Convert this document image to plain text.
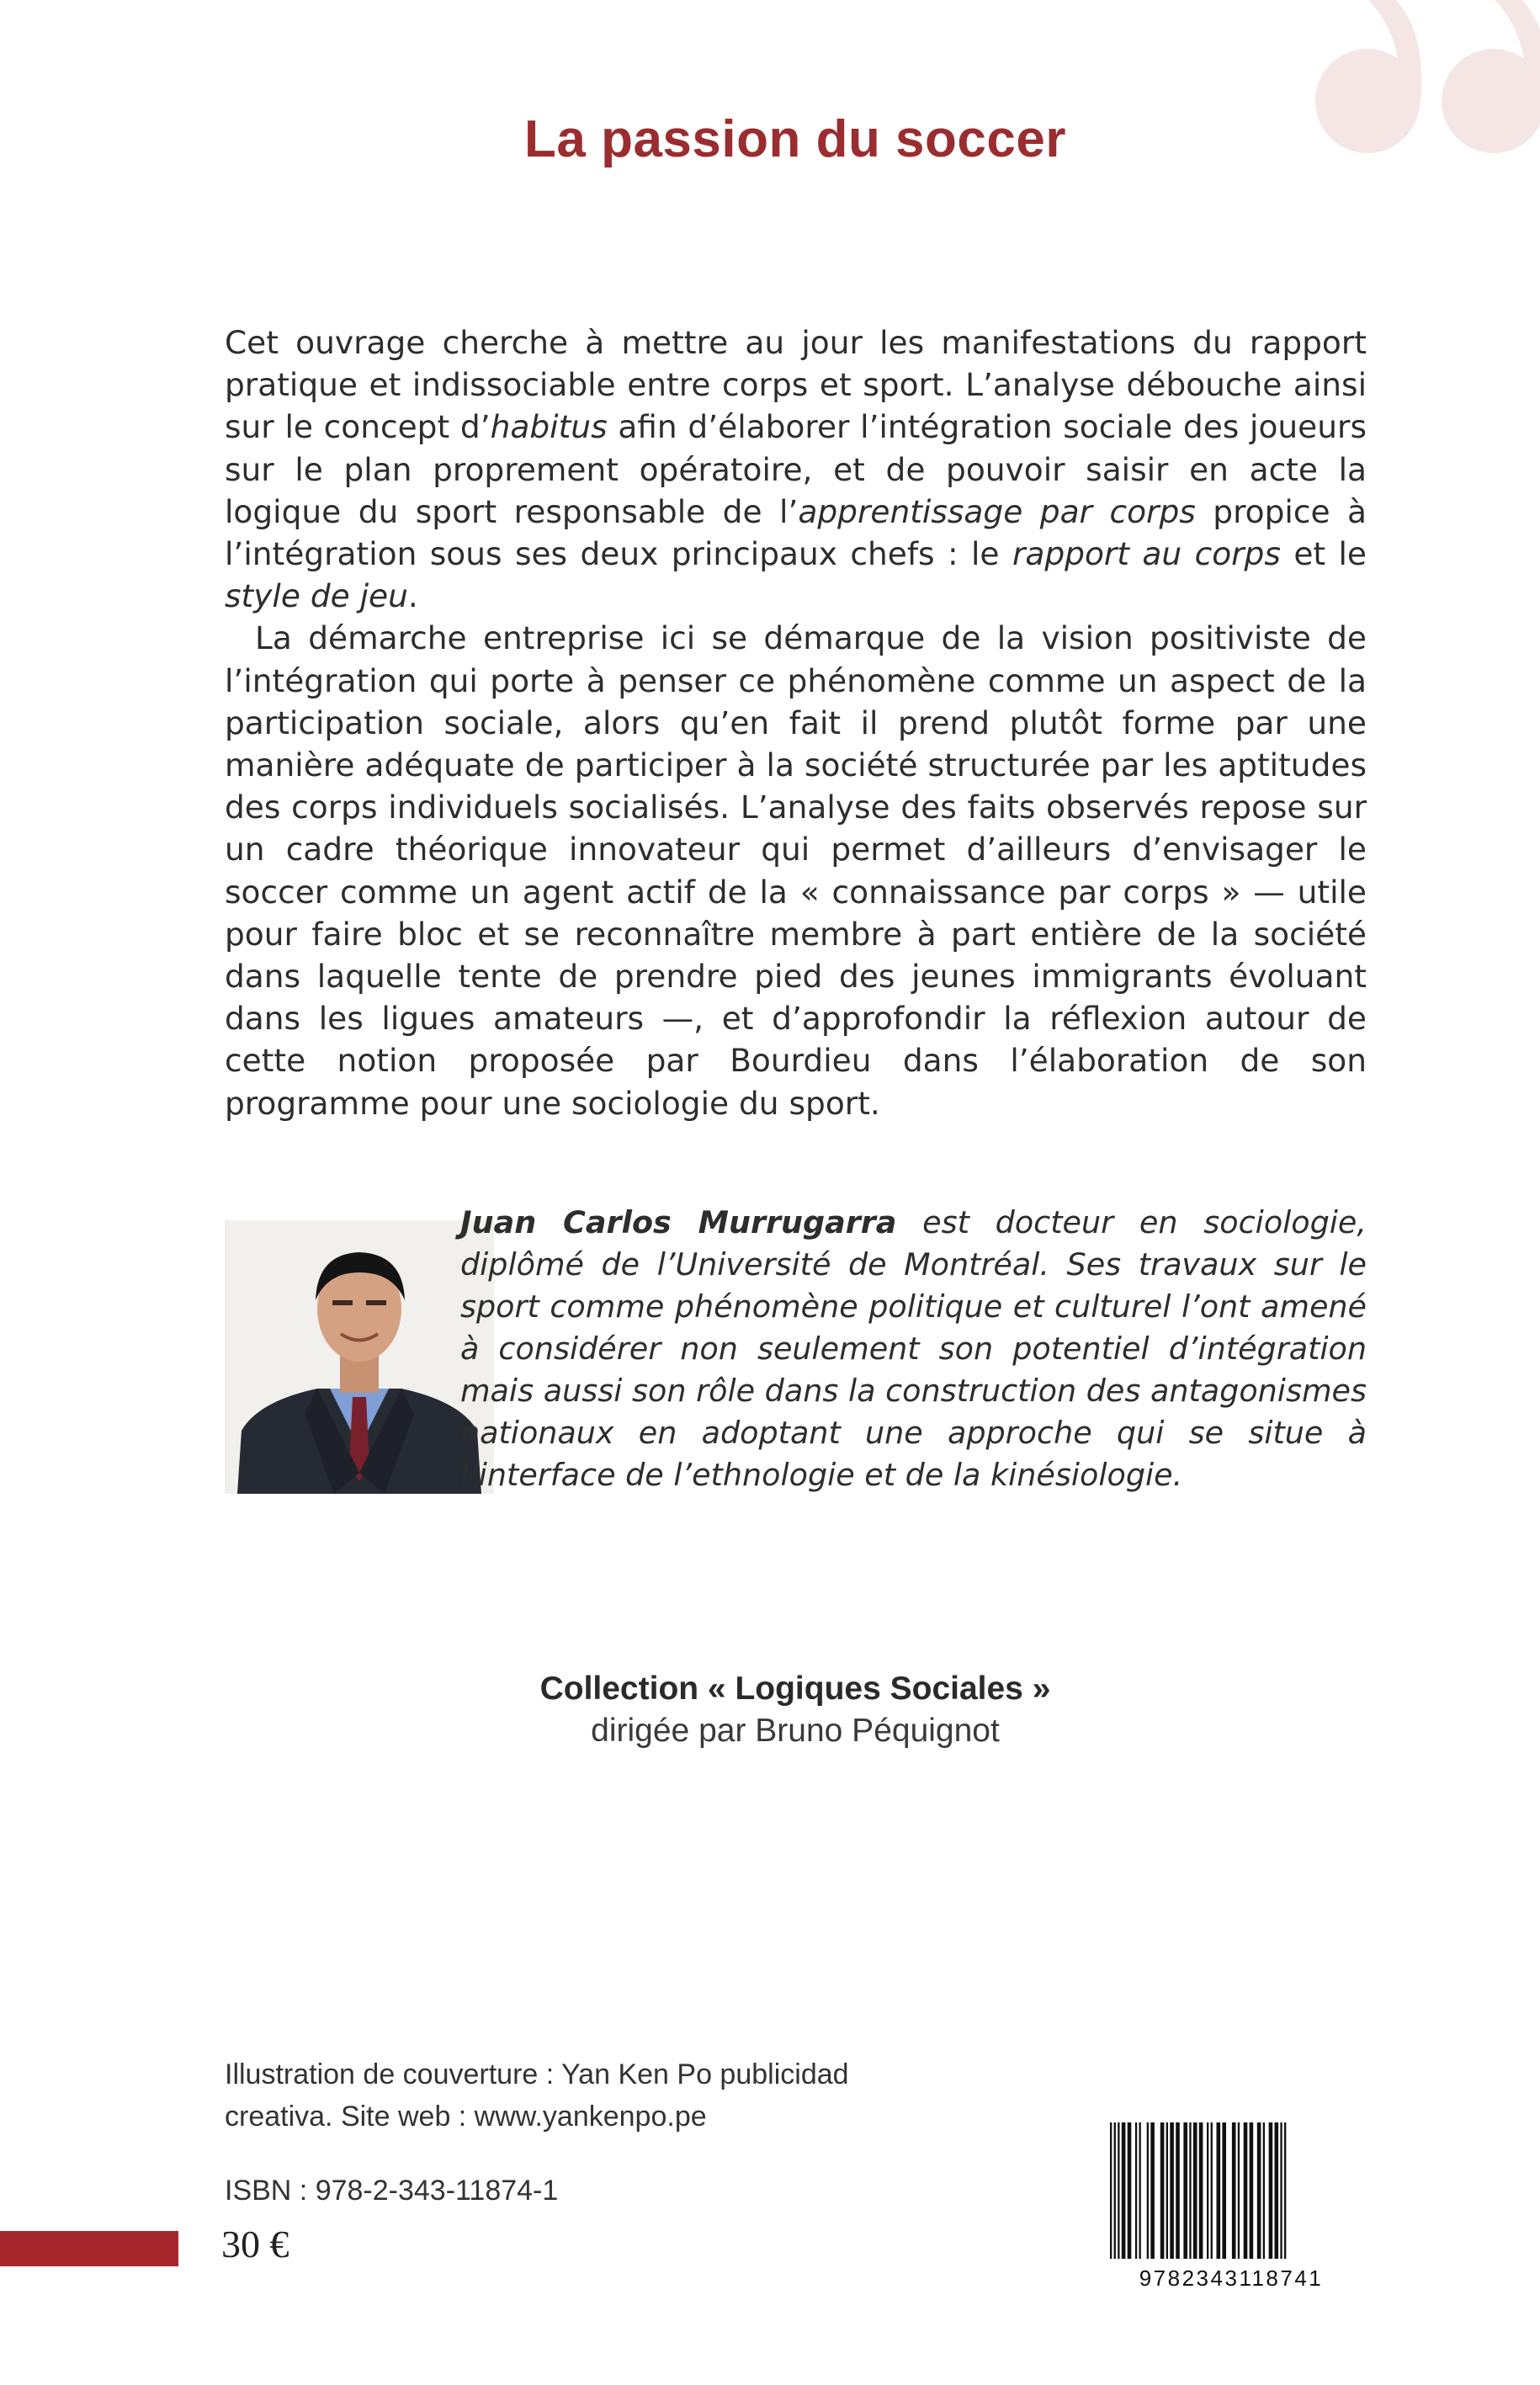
La passion du soccer

Cet ouvrage cherche à mettre au jour les manifestations du rapport pratique et indissociable entre corps et sport. L’analyse débouche ainsi sur le concept d’habitus afin d’élaborer l’intégration sociale des joueurs sur le plan proprement opératoire, et de pouvoir saisir en acte la logique du sport responsable de l’apprentissage par corps propice à l’intégration sous ses deux principaux chefs : le rapport au corps et le style de jeu.

La démarche entreprise ici se démarque de la vision positiviste de l’intégration qui porte à penser ce phénomène comme un aspect de la participation sociale, alors qu’en fait il prend plutôt forme par une manière adéquate de participer à la société structurée par les aptitudes des corps individuels socialisés. L’analyse des faits observés repose sur un cadre théorique innovateur qui permet d’ailleurs d’envisager le soccer comme un agent actif de la « connaissance par corps » — utile pour faire bloc et se reconnaître membre à part entière de la société dans laquelle tente de prendre pied des jeunes immigrants évoluant dans les ligues amateurs —, et d’approfondir la réflexion autour de cette notion proposée par Bourdieu dans l’élaboration de son programme pour une sociologie du sport.

Juan Carlos Murrugarra est docteur en sociologie, diplômé de l’Université de Montréal. Ses travaux sur le sport comme phénomène politique et culturel l’ont amené à considérer non seulement son potentiel d’intégration mais aussi son rôle dans la construction des antagonismes nationaux en adoptant une approche qui se situe à l’interface de l’ethnologie et de la kinésiologie.
Collection « Logiques Sociales »
dirigée par Bruno Péquignot
Illustration de couverture : Yan Ken Po publicidad
creativa. Site web : www.yankenpo.pe
ISBN : 978-2-343-11874-1
30 €
9782343118741
